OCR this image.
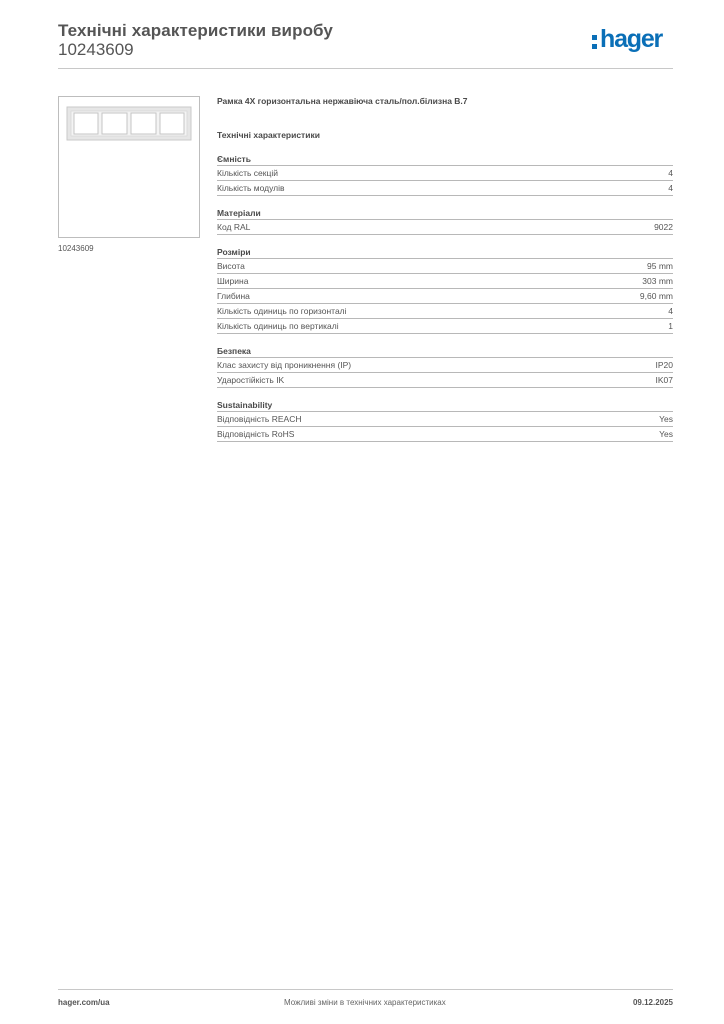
Технічні характеристики виробу
10243609	hager
10243609
Рамка 4X горизонтальна нержавіюча сталь/пол.білизна B.7
Технічні характеристики
Ємність
Кількість секцій	4
Кількість модулів	4
Матеріали
Код RAL	9022
Розміри
Висота	95 mm
Ширина	303 mm
Глибина	9,60 mm
Кількість одиниць по горизонталі	4
Кількість одиниць по вертикалі	1
Безпека
Клас захисту від проникнення (IP)	IP20
Ударостійкість IK	IK07
Sustainability
Відповідність REACH	Yes
Відповідність RoHS	Yes
hager.com/ua	Можливі зміни в технічних характеристиках	09.12.2025
